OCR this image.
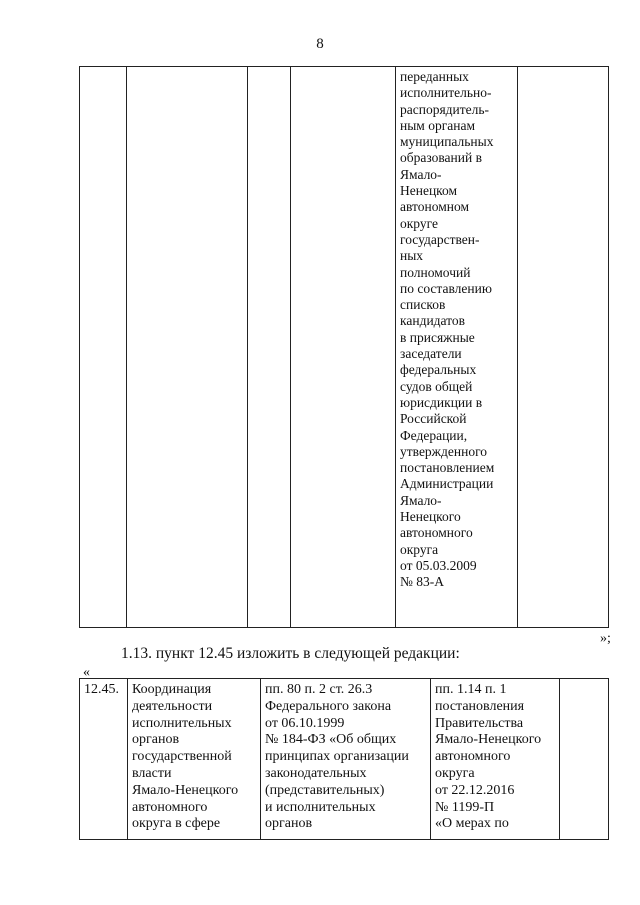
8

переданных
исполнительно-
распорядитель-
ным органам
муниципальных
образований в
Ямало-
Ненецком
автономном
округе
государствен-
ных
полномочий
по составлению
списков
кандидатов
в присяжные
заседатели
федеральных
судов общей
юрисдикции в
Российской
Федерации,
утвержденного
постановлением
Администрации
Ямало-
Ненецкого
автономного
округа
от 05.03.2009
№ 83-А

»;
1.13. пункт 12.45 изложить в следующей редакции:
«
12.45.	Координация
деятельности
исполнительных
органов
государственной
власти
Ямало-Ненецкого
автономного
округа в сфере

пп. 80 п. 2 ст. 26.3
Федерального закона
от 06.10.1999
№ 184-ФЗ «Об общих
принципах организации
законодательных
(представительных)
и исполнительных
органов

пп. 1.14 п. 1
постановления
Правительства
Ямало-Ненецкого
автономного
округа
от 22.12.2016
№ 1199-П
«О мерах по
